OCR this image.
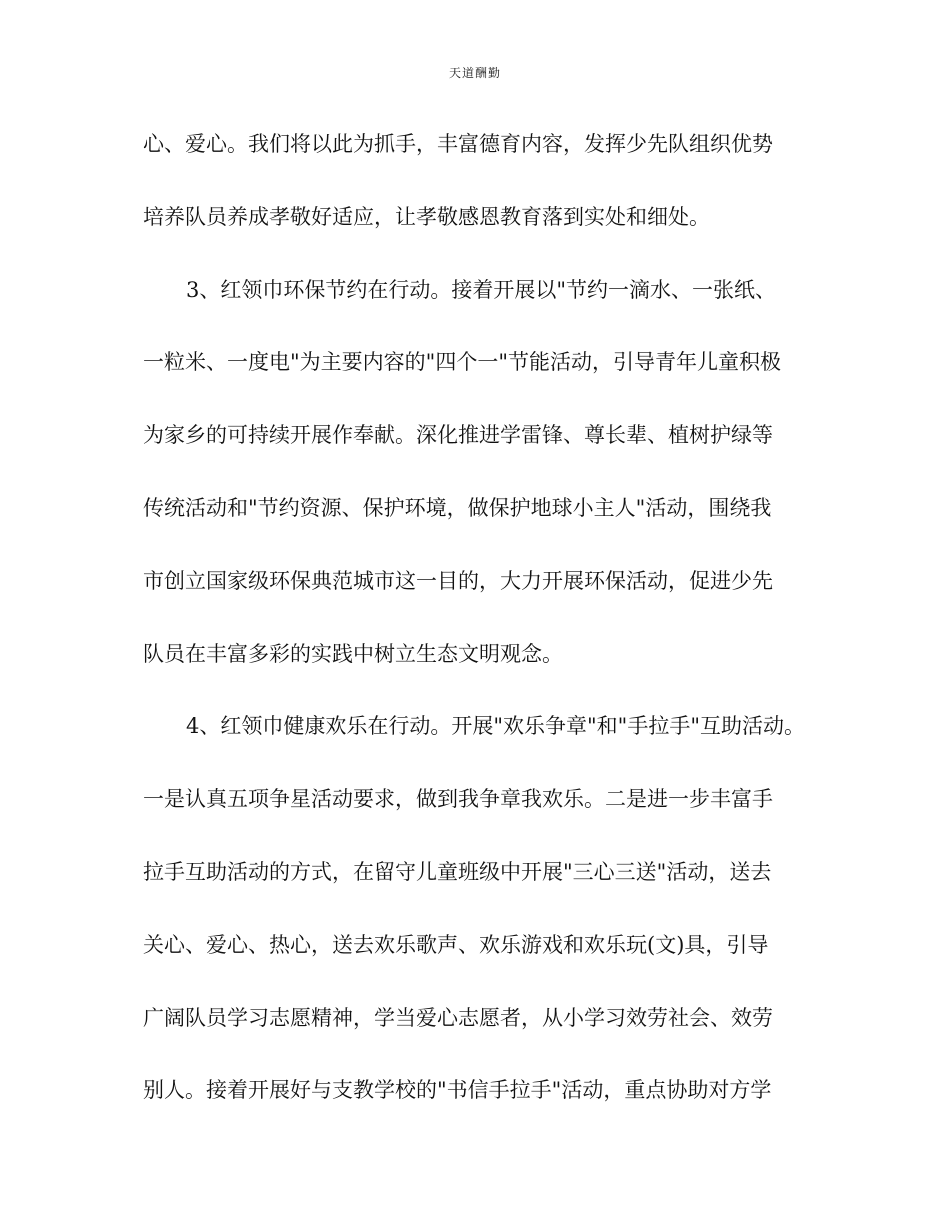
天道酬勤
心、爱心。我们将以此为抓手，丰富德育内容，发挥少先队组织优势
培养队员养成孝敬好适应，让孝敬感恩教育落到实处和细处。
3、红领巾环保节约在行动。接着开展以"节约一滴水、一张纸、
一粒米、一度电"为主要内容的"四个一"节能活动，引导青年儿童积极
为家乡的可持续开展作奉献。深化推进学雷锋、尊长辈、植树护绿等
传统活动和"节约资源、保护环境，做保护地球小主人"活动，围绕我
市创立国家级环保典范城市这一目的，大力开展环保活动，促进少先
队员在丰富多彩的实践中树立生态文明观念。
4、红领巾健康欢乐在行动。开展"欢乐争章"和"手拉手"互助活动。
一是认真五项争星活动要求，做到我争章我欢乐。二是进一步丰富手
拉手互助活动的方式，在留守儿童班级中开展"三心三送"活动，送去
关心、爱心、热心，送去欢乐歌声、欢乐游戏和欢乐玩(文)具，引导
广阔队员学习志愿精神，学当爱心志愿者，从小学习效劳社会、效劳
别人。接着开展好与支教学校的"书信手拉手"活动，重点协助对方学
